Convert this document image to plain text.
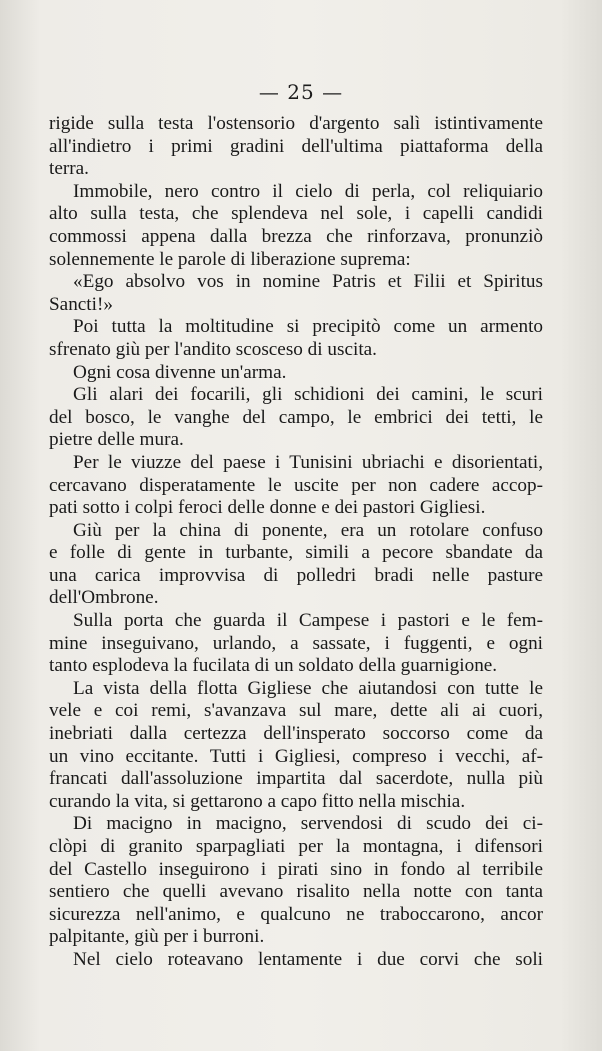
— 25 —
rigide sulla testa l'ostensorio d'argento salì istintivamente
all'indietro i primi gradini dell'ultima piattaforma della
terra.
Immobile, nero contro il cielo di perla, col reliquiario
alto sulla testa, che splendeva nel sole, i capelli candidi
commossi appena dalla brezza che rinforzava, pronunziò
solennemente le parole di liberazione suprema:
«Ego absolvo vos in nomine Patris et Filii et Spiritus
Sancti!»
Poi tutta la moltitudine si precipitò come un armento
sfrenato giù per l'andito scosceso di uscita.
Ogni cosa divenne un'arma.
Gli alari dei focarili, gli schidioni dei camini, le scuri
del bosco, le vanghe del campo, le embrici dei tetti, le
pietre delle mura.
Per le viuzze del paese i Tunisini ubriachi e disorientati,
cercavano disperatamente le uscite per non cadere accop-
pati sotto i colpi feroci delle donne e dei pastori Gigliesi.
Giù per la china di ponente, era un rotolare confuso
e folle di gente in turbante, simili a pecore sbandate da
una carica improvvisa di polledri bradi nelle pasture
dell'Ombrone.
Sulla porta che guarda il Campese i pastori e le fem-
mine inseguivano, urlando, a sassate, i fuggenti, e ogni
tanto esplodeva la fucilata di un soldato della guarnigione.
La vista della flotta Gigliese che aiutandosi con tutte le
vele e coi remi, s'avanzava sul mare, dette ali ai cuori,
inebriati dalla certezza dell'insperato soccorso come da
un vino eccitante. Tutti i Gigliesi, compreso i vecchi, af-
francati dall'assoluzione impartita dal sacerdote, nulla più
curando la vita, si gettarono a capo fitto nella mischia.
Di macigno in macigno, servendosi di scudo dei ci-
clòpi di granito sparpagliati per la montagna, i difensori
del Castello inseguirono i pirati sino in fondo al terribile
sentiero che quelli avevano risalito nella notte con tanta
sicurezza nell'animo, e qualcuno ne traboccarono, ancor
palpitante, giù per i burroni.
Nel cielo roteavano lentamente i due corvi che soli
